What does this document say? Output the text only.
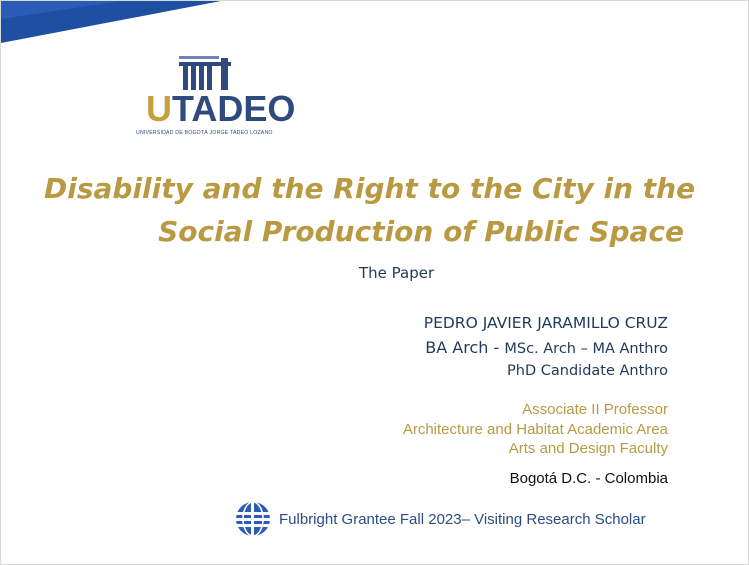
UTADEO
UNIVERSIDAD DE BOGOTÁ JORGE TADEO LOZANO
Disability and the Right to the City in the
Social Production of Public Space
The Paper
PEDRO JAVIER JARAMILLO CRUZ
BA Arch - MSc. Arch – MA Anthro
PhD Candidate Anthro
Associate II Professor
Architecture and Habitat Academic Area
Arts and Design Faculty
Bogotá D.C. - Colombia
Fulbright Grantee Fall 2023– Visiting Research Scholar
